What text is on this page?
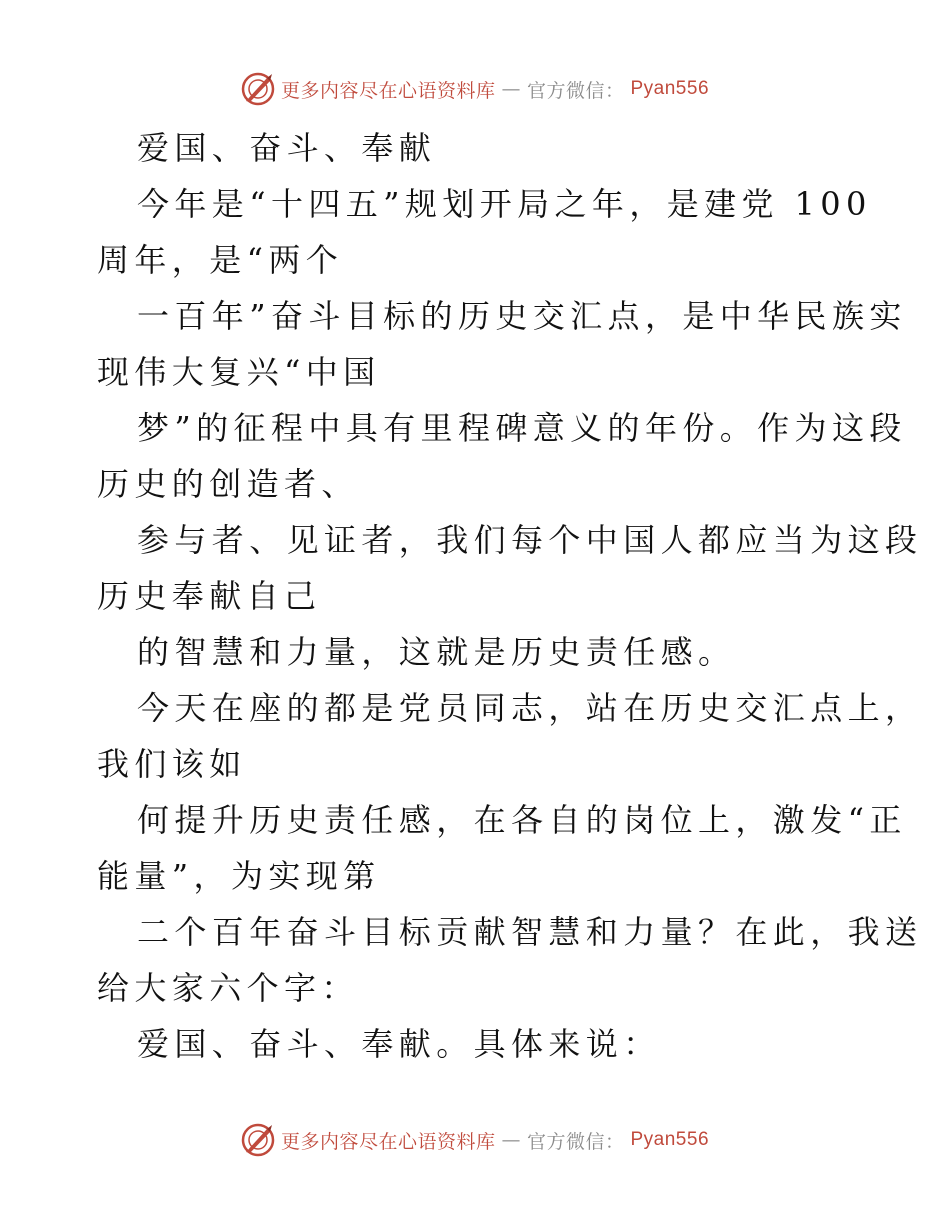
更多内容尽在心语资料库 — 官方微信： Pyan556
爱国、奋斗、奉献
今年是“十四五”规划开局之年，是建党 100
周年，是“两个
一百年”奋斗目标的历史交汇点，是中华民族实
现伟大复兴“中国
梦”的征程中具有里程碑意义的年份。作为这段
历史的创造者、
参与者、见证者，我们每个中国人都应当为这段
历史奉献自己
的智慧和力量，这就是历史责任感。
今天在座的都是党员同志，站在历史交汇点上，
我们该如
何提升历史责任感，在各自的岗位上，激发“正
能量”，为实现第
二个百年奋斗目标贡献智慧和力量？在此，我送
给大家六个字：
爱国、奋斗、奉献。具体来说：
更多内容尽在心语资料库 — 官方微信： Pyan556
